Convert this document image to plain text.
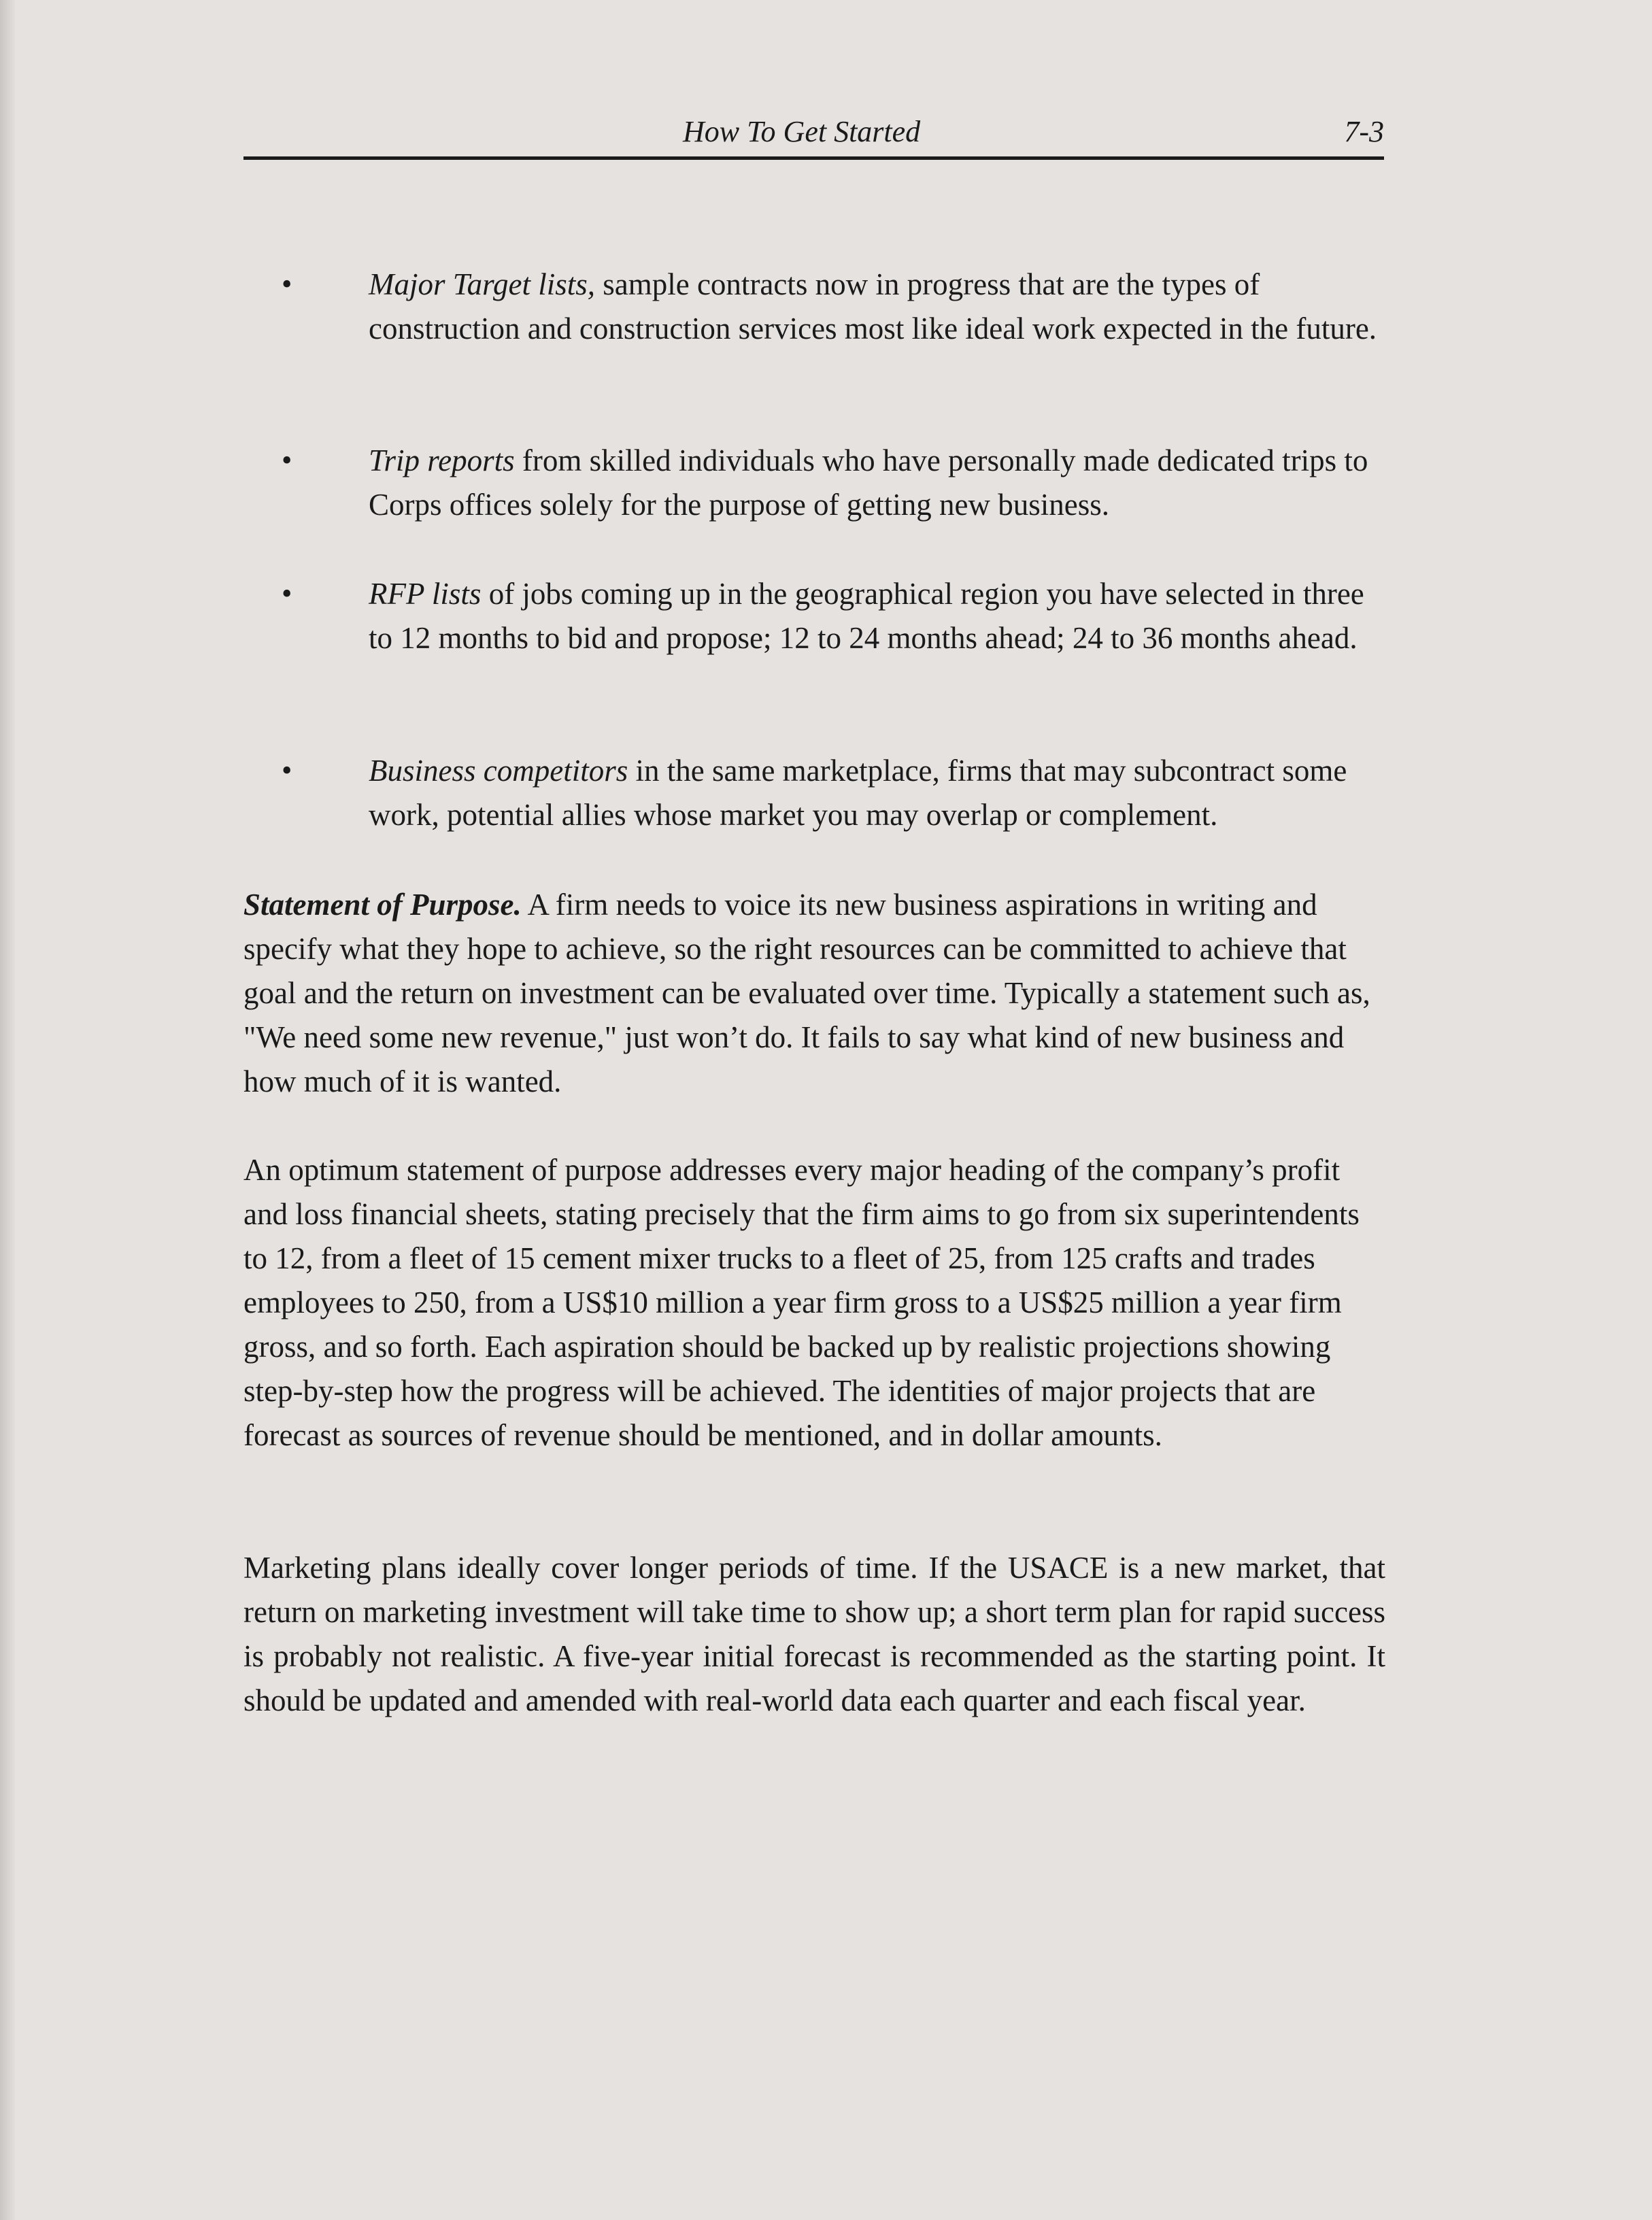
How To Get Started	7-3
•	Major Target lists, sample contracts now in progress that are the types of construction and construction services most like ideal work expected in the future.
•	Trip reports from skilled individuals who have personally made dedicated trips to Corps offices solely for the purpose of getting new business.
•	RFP lists of jobs coming up in the geographical region you have selected in three to 12 months to bid and propose; 12 to 24 months ahead; 24 to 36 months ahead.
•	Business competitors in the same marketplace, firms that may subcontract some work, potential allies whose market you may overlap or complement.
Statement of Purpose. A firm needs to voice its new business aspirations in writing and specify what they hope to achieve, so the right resources can be committed to achieve that goal and the return on investment can be evaluated over time. Typically a statement such as, "We need some new revenue," just won’t do. It fails to say what kind of new business and how much of it is wanted.
An optimum statement of purpose addresses every major heading of the company’s profit and loss financial sheets, stating precisely that the firm aims to go from six superintendents to 12, from a fleet of 15 cement mixer trucks to a fleet of 25, from 125 crafts and trades employees to 250, from a US$10 million a year firm gross to a US$25 million a year firm gross, and so forth. Each aspiration should be backed up by realistic projections showing step-by-step how the progress will be achieved. The identities of major projects that are forecast as sources of revenue should be mentioned, and in dollar amounts.
Marketing plans ideally cover longer periods of time. If the USACE is a new market, that return on marketing investment will take time to show up; a short term plan for rapid success is probably not realistic. A five-year initial forecast is recommended as the starting point. It should be updated and amended with real-world data each quarter and each fiscal year.
